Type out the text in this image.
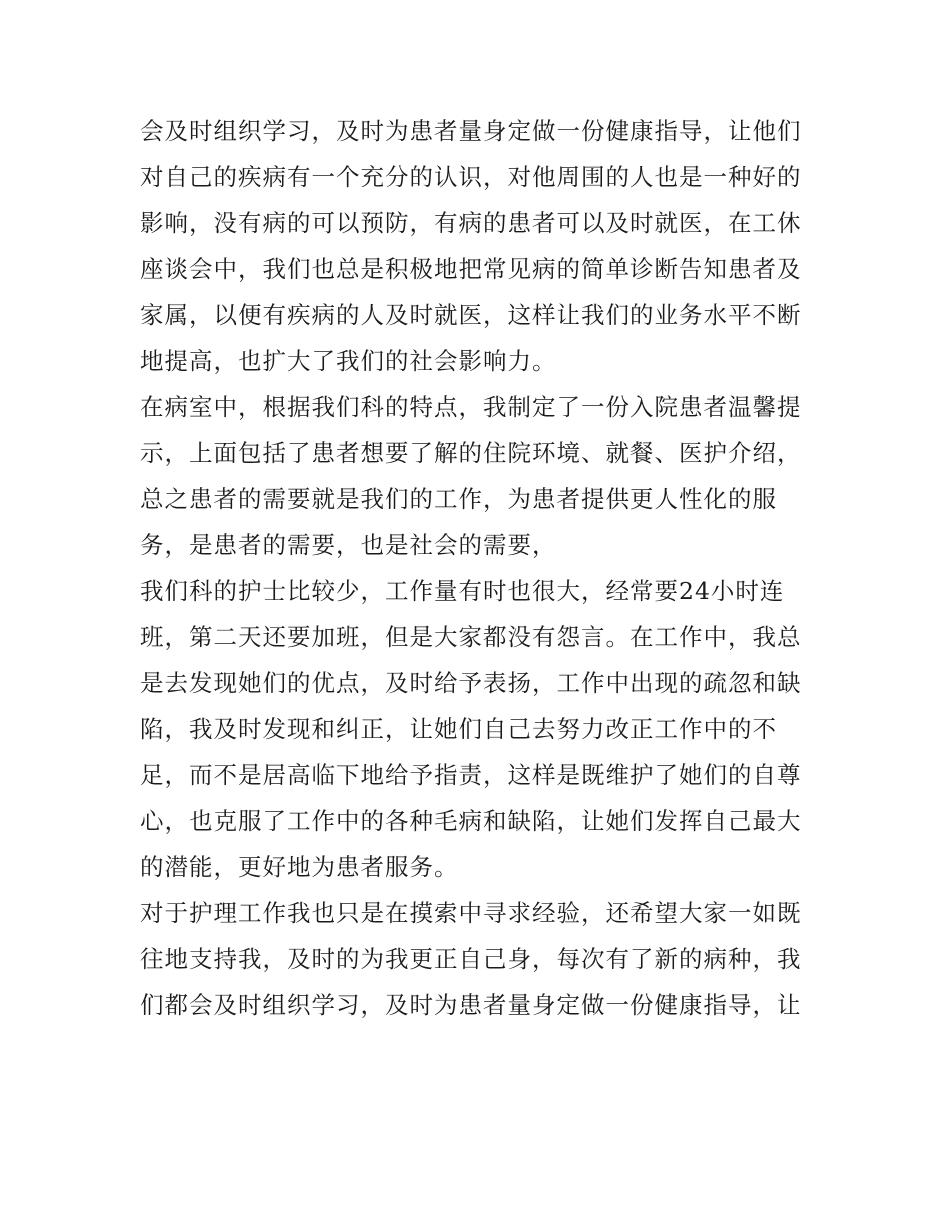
会及时组织学习，及时为患者量身定做一份健康指导，让他们
对自己的疾病有一个充分的认识，对他周围的人也是一种好的
影响，没有病的可以预防，有病的患者可以及时就医，在工休
座谈会中，我们也总是积极地把常见病的简单诊断告知患者及
家属，以便有疾病的人及时就医，这样让我们的业务水平不断
地提高，也扩大了我们的社会影响力。
在病室中，根据我们科的特点，我制定了一份入院患者温馨提
示，上面包括了患者想要了解的住院环境、就餐、医护介绍，
总之患者的需要就是我们的工作，为患者提供更人性化的服
务，是患者的需要，也是社会的需要，
我们科的护士比较少，工作量有时也很大，经常要24小时连
班，第二天还要加班，但是大家都没有怨言。在工作中，我总
是去发现她们的优点，及时给予表扬，工作中出现的疏忽和缺
陷，我及时发现和纠正，让她们自己去努力改正工作中的不
足，而不是居高临下地给予指责，这样是既维护了她们的自尊
心，也克服了工作中的各种毛病和缺陷，让她们发挥自己最大
的潜能，更好地为患者服务。
对于护理工作我也只是在摸索中寻求经验，还希望大家一如既
往地支持我，及时的为我更正自己身，每次有了新的病种，我
们都会及时组织学习，及时为患者量身定做一份健康指导，让
